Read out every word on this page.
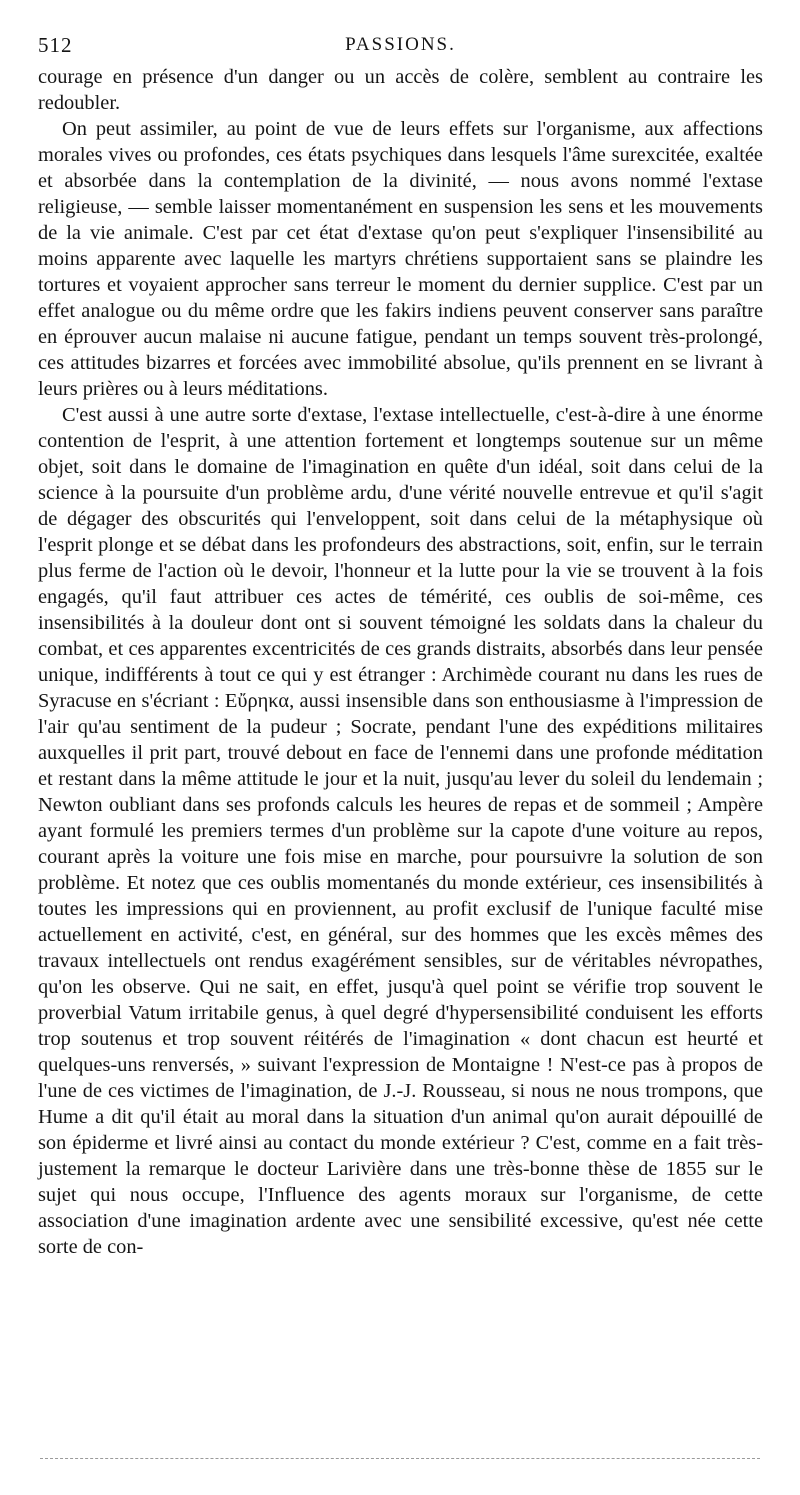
512	PASSIONS.

courage en présence d'un danger ou un accès de colère, semblent au contraire les redoubler.

On peut assimiler, au point de vue de leurs effets sur l'organisme, aux affections morales vives ou profondes, ces états psychiques dans lesquels l'âme surexcitée, exaltée et absorbée dans la contemplation de la divinité, — nous avons nommé l'extase religieuse, — semble laisser momentanément en suspension les sens et les mouvements de la vie animale. C'est par cet état d'extase qu'on peut s'expliquer l'insensibilité au moins apparente avec laquelle les martyrs chrétiens supportaient sans se plaindre les tortures et voyaient approcher sans terreur le moment du dernier supplice. C'est par un effet analogue ou du même ordre que les fakirs indiens peuvent conserver sans paraître en éprouver aucun malaise ni aucune fatigue, pendant un temps souvent très-prolongé, ces attitudes bizarres et forcées avec immobilité absolue, qu'ils prennent en se livrant à leurs prières ou à leurs méditations.

C'est aussi à une autre sorte d'extase, l'extase intellectuelle, c'est-à-dire à une énorme contention de l'esprit, à une attention fortement et longtemps soutenue sur un même objet, soit dans le domaine de l'imagination en quête d'un idéal, soit dans celui de la science à la poursuite d'un problème ardu, d'une vérité nouvelle entrevue et qu'il s'agit de dégager des obscurités qui l'enveloppent, soit dans celui de la métaphysique où l'esprit plonge et se débat dans les profondeurs des abstractions, soit, enfin, sur le terrain plus ferme de l'action où le devoir, l'honneur et la lutte pour la vie se trouvent à la fois engagés, qu'il faut attribuer ces actes de témérité, ces oublis de soi-même, ces insensibilités à la douleur dont ont si souvent témoigné les soldats dans la chaleur du combat, et ces apparentes excentricités de ces grands distraits, absorbés dans leur pensée unique, indifférents à tout ce qui y est étranger : Archimède courant nu dans les rues de Syracuse en s'écriant : Εὔρηκα, aussi insensible dans son enthousiasme à l'impression de l'air qu'au sentiment de la pudeur ; Socrate, pendant l'une des expéditions militaires auxquelles il prit part, trouvé debout en face de l'ennemi dans une profonde méditation et restant dans la même attitude le jour et la nuit, jusqu'au lever du soleil du lendemain ; Newton oubliant dans ses profonds calculs les heures de repas et de sommeil ; Ampère ayant formulé les premiers termes d'un problème sur la capote d'une voiture au repos, courant après la voiture une fois mise en marche, pour poursuivre la solution de son problème. Et notez que ces oublis momentanés du monde extérieur, ces insensibilités à toutes les impressions qui en proviennent, au profit exclusif de l'unique faculté mise actuellement en activité, c'est, en général, sur des hommes que les excès mêmes des travaux intellectuels ont rendus exagérément sensibles, sur de véritables névropathes, qu'on les observe. Qui ne sait, en effet, jusqu'à quel point se vérifie trop souvent le proverbial Vatum irritabile genus, à quel degré d'hypersensibilité conduisent les efforts trop soutenus et trop souvent réitérés de l'imagination « dont chacun est heurté et quelques-uns renversés, » suivant l'expression de Montaigne ! N'est-ce pas à propos de l'une de ces victimes de l'imagination, de J.-J. Rousseau, si nous ne nous trompons, que Hume a dit qu'il était au moral dans la situation d'un animal qu'on aurait dépouillé de son épiderme et livré ainsi au contact du monde extérieur ? C'est, comme en a fait très-justement la remarque le docteur Larivière dans une très-bonne thèse de 1855 sur le sujet qui nous occupe, l'Influence des agents moraux sur l'organisme, de cette association d'une imagination ardente avec une sensibilité excessive, qu'est née cette sorte de con-
